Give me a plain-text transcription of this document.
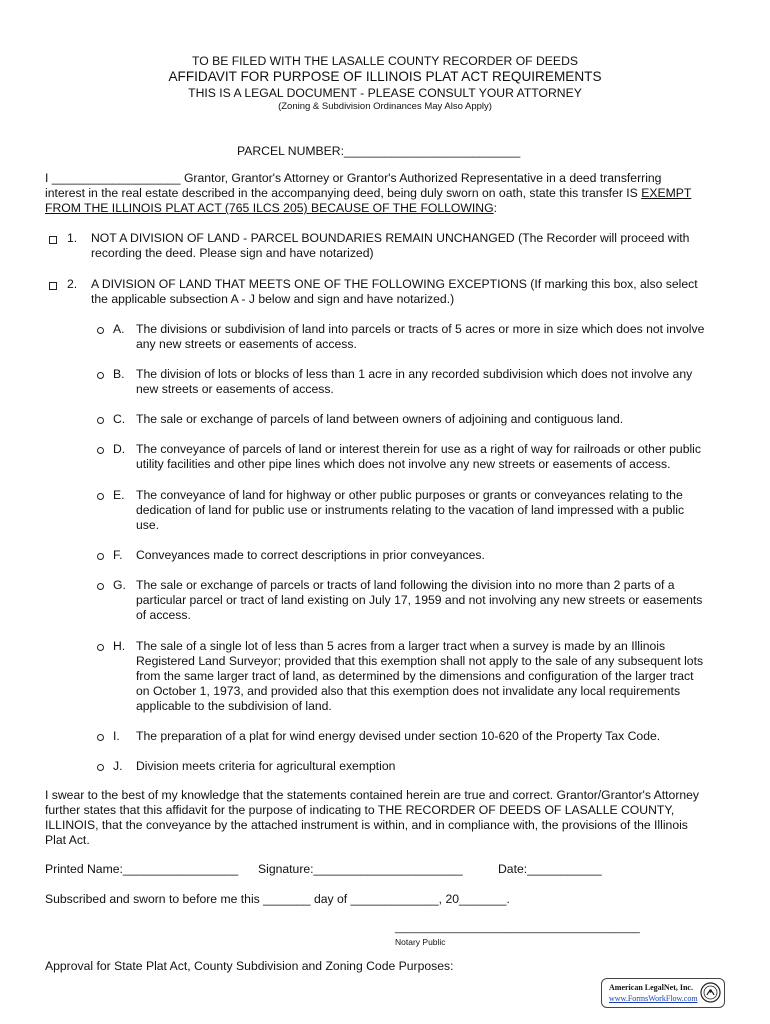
TO BE FILED WITH THE LASALLE COUNTY RECORDER OF DEEDS
AFFIDAVIT FOR PURPOSE OF ILLINOIS PLAT ACT REQUIREMENTS
THIS IS A LEGAL DOCUMENT - PLEASE CONSULT YOUR ATTORNEY
(Zoning & Subdivision Ordinances May Also Apply)
PARCEL NUMBER:__________________________
I ___________________ Grantor, Grantor's Attorney or Grantor's Authorized Representative in a deed transferring
interest in the real estate described in the accompanying deed, being duly sworn on oath, state this transfer IS EXEMPT
FROM THE ILLINOIS PLAT ACT (765 ILCS 205) BECAUSE OF THE FOLLOWING:
1. NOT A DIVISION OF LAND - PARCEL BOUNDARIES REMAIN UNCHANGED (The Recorder will proceed with
recording the deed. Please sign and have notarized)
2. A DIVISION OF LAND THAT MEETS ONE OF THE FOLLOWING EXCEPTIONS (If marking this box, also select
the applicable subsection A - J below and sign and have notarized.)
A. The divisions or subdivision of land into parcels or tracts of 5 acres or more in size which does not involve
any new streets or easements of access.
B. The division of lots or blocks of less than 1 acre in any recorded subdivision which does not involve any
new streets or easements of access.
C. The sale or exchange of parcels of land between owners of adjoining and contiguous land.
D. The conveyance of parcels of land or interest therein for use as a right of way for railroads or other public
utility facilities and other pipe lines which does not involve any new streets or easements of access.
E. The conveyance of land for highway or other public purposes or grants or conveyances relating to the
dedication of land for public use or instruments relating to the vacation of land impressed with a public
use.
F. Conveyances made to correct descriptions in prior conveyances.
G. The sale or exchange of parcels or tracts of land following the division into no more than 2 parts of a
particular parcel or tract of land existing on July 17, 1959 and not involving any new streets or easements
of access.
H. The sale of a single lot of less than 5 acres from a larger tract when a survey is made by an Illinois
Registered Land Surveyor; provided that this exemption shall not apply to the sale of any subsequent lots
from the same larger tract of land, as determined by the dimensions and configuration of the larger tract
on October 1, 1973, and provided also that this exemption does not invalidate any local requirements
applicable to the subdivision of land.
I. The preparation of a plat for wind energy devised under section 10-620 of the Property Tax Code.
J. Division meets criteria for agricultural exemption
I swear to the best of my knowledge that the statements contained herein are true and correct. Grantor/Grantor's Attorney
further states that this affidavit for the purpose of indicating to THE RECORDER OF DEEDS OF LASALLE COUNTY,
ILLINOIS, that the conveyance by the attached instrument is within, and in compliance with, the provisions of the Illinois
Plat Act.
Printed Name:_________________ Signature:______________________	Date:___________
Subscribed and sworn to before me this _______ day of _____________, 20_______.
________________________________________
Notary Public
Approval for State Plat Act, County Subdivision and Zoning Code Purposes:
American LegalNet, Inc.
www.FormsWorkFlow.com
